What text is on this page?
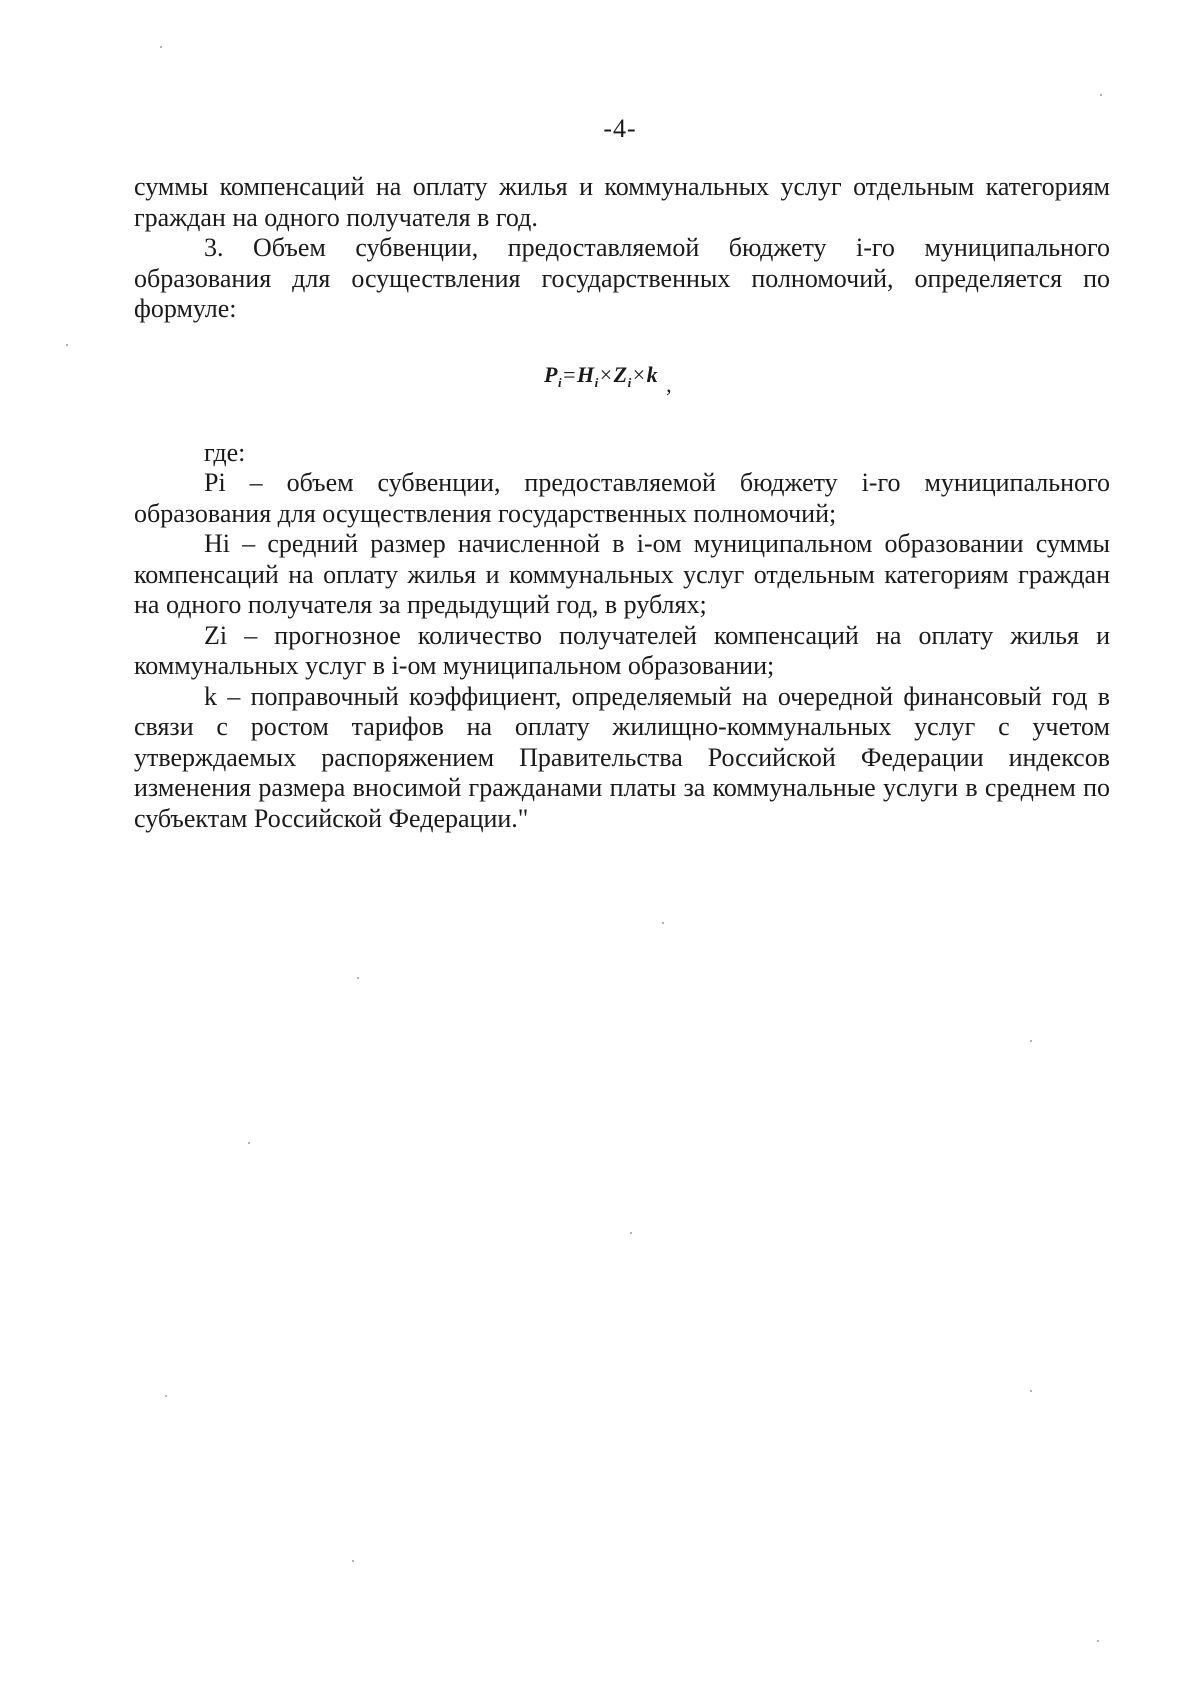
-4-

суммы компенсаций на оплату жилья и коммунальных услуг отдельным категориям граждан на одного получателя в год.

3. Объем субвенции, предоставляемой бюджету i-го муниципального образования для осуществления государственных полномочий, определяется по формуле:

$P_i=H_i\times Z_i\times k$ ,

где:

Pi – объем субвенции, предоставляемой бюджету i-го муниципального образования для осуществления государственных полномочий;

Hi – средний размер начисленной в i-ом муниципальном образовании суммы компенсаций на оплату жилья и коммунальных услуг отдельным категориям граждан на одного получателя за предыдущий год, в рублях;

Zi – прогнозное количество получателей компенсаций на оплату жилья и коммунальных услуг в i-ом муниципальном образовании;

k – поправочный коэффициент, определяемый на очередной финансовый год в связи с ростом тарифов на оплату жилищно-коммунальных услуг с учетом утверждаемых распоряжением Правительства Российской Федерации индексов изменения размера вносимой гражданами платы за коммунальные услуги в среднем по субъектам Российской Федерации."
